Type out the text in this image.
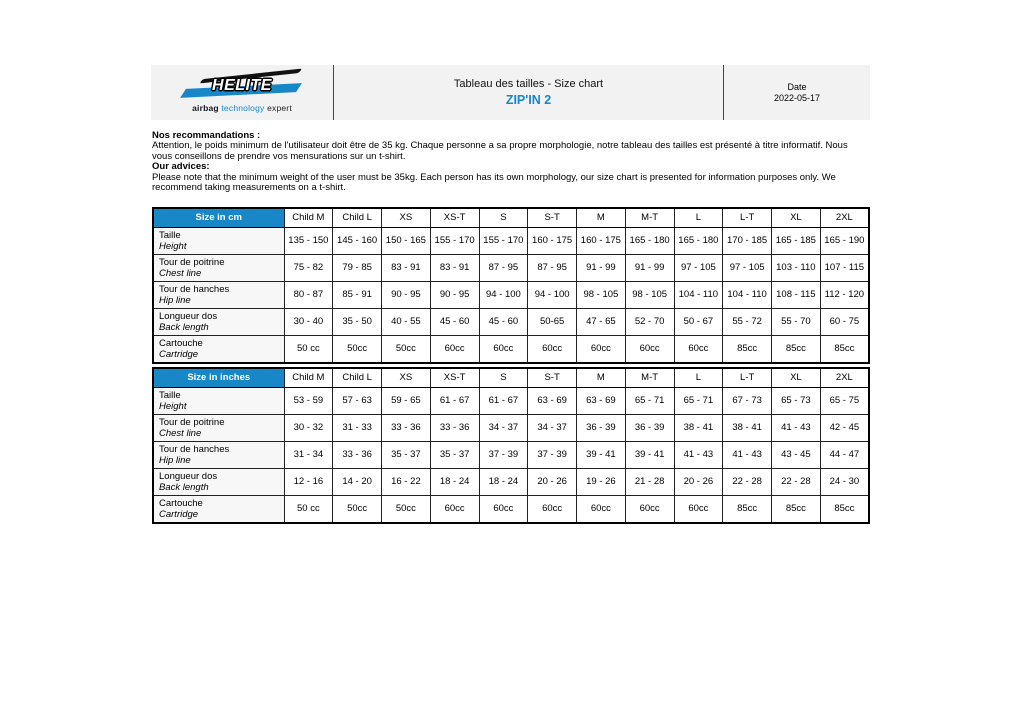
HELITE
airbag technology expert
Tableau des tailles - Size chart
ZIP'IN 2
Date
2022-05-17
Nos recommandations :
Attention, le poids minimum de l'utilisateur doit être de 35 kg. Chaque personne a sa propre morphologie, notre tableau des tailles est présenté à titre informatif. Nous vous conseillons de prendre vos mensurations sur un t-shirt.
Our advices:
Please note that the minimum weight of the user must be 35kg. Each person has its own morphology, our size chart is presented for information purposes only. We recommend taking measurements on a t-shirt.
Size in cm	Child M	Child L	XS	XS-T	S	S-T	M	M-T	L	L-T	XL	2XL
Taille
Height	135 - 150	145 - 160	150 - 165	155 - 170	155 - 170	160 - 175	160 - 175	165 - 180	165 - 180	170 - 185	165 - 185	165 - 190
Tour de poitrine
Chest line	75 - 82	79 - 85	83 - 91	83 - 91	87 - 95	87 - 95	91 - 99	91 - 99	97 - 105	97 - 105	103 - 110	107 - 115
Tour de hanches
Hip line	80 - 87	85 - 91	90 - 95	90 - 95	94 - 100	94 - 100	98 - 105	98 - 105	104 - 110	104 - 110	108 - 115	112 - 120
Longueur dos
Back length	30 - 40	35 - 50	40 - 55	45 - 60	45 - 60	50-65	47 - 65	52 - 70	50 - 67	55 - 72	55 - 70	60 - 75
Cartouche
Cartridge	50 cc	50cc	50cc	60cc	60cc	60cc	60cc	60cc	60cc	85cc	85cc	85cc
Size in inches	Child M	Child L	XS	XS-T	S	S-T	M	M-T	L	L-T	XL	2XL
Taille
Height	53 - 59	57 - 63	59 - 65	61 - 67	61 - 67	63 - 69	63 - 69	65 - 71	65 - 71	67 - 73	65 - 73	65 - 75
Tour de poitrine
Chest line	30 - 32	31 - 33	33 - 36	33 - 36	34 - 37	34 - 37	36 - 39	36 - 39	38 - 41	38 - 41	41 - 43	42 - 45
Tour de hanches
Hip line	31 - 34	33 - 36	35 - 37	35 - 37	37 - 39	37 - 39	39 - 41	39 - 41	41 - 43	41 - 43	43 - 45	44 - 47
Longueur dos
Back length	12 - 16	14 - 20	16 - 22	18 - 24	18 - 24	20 - 26	19 - 26	21 - 28	20 - 26	22 - 28	22 - 28	24 - 30
Cartouche
Cartridge	50 cc	50cc	50cc	60cc	60cc	60cc	60cc	60cc	60cc	85cc	85cc	85cc
